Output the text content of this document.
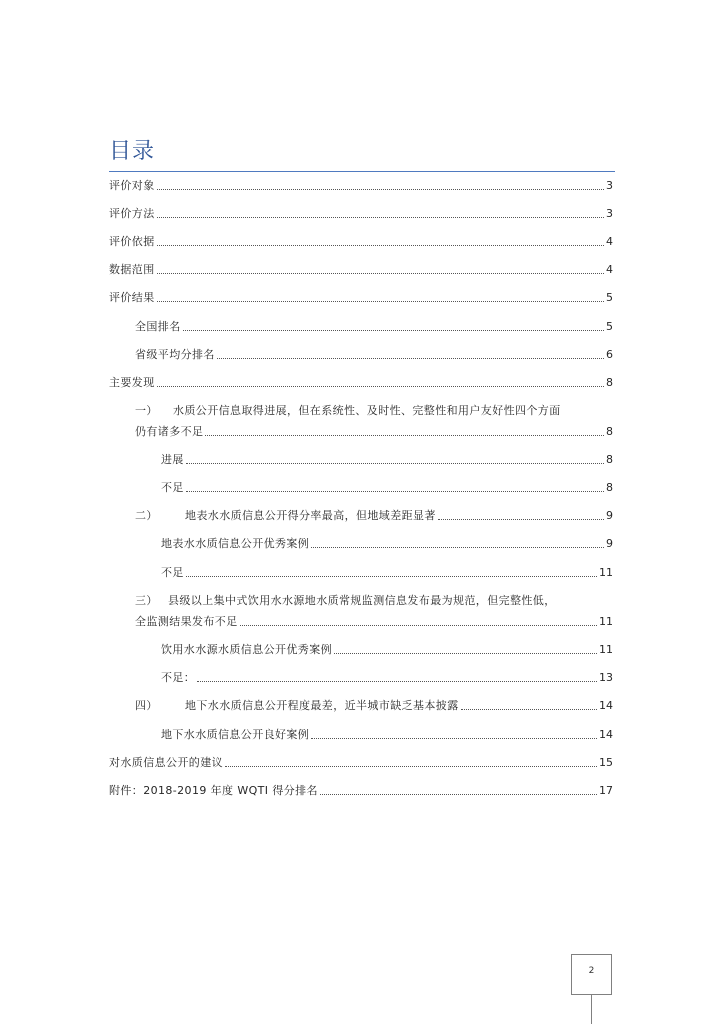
目录
评价对象	3
评价方法	3
评价依据	4
数据范围	4
评价结果	5
全国排名	5
省级平均分排名	6
主要发现	8
一） 水质公开信息取得进展，但在系统性、及时性、完整性和用户友好性四个方面
仍有诸多不足	8
进展	8
不足	8
二） 地表水水质信息公开得分率最高，但地域差距显著	9
地表水水质信息公开优秀案例	9
不足	11
三） 县级以上集中式饮用水水源地水质常规监测信息发布最为规范，但完整性低，
全监测结果发布不足	11
饮用水水源水质信息公开优秀案例	11
不足：	13
四） 地下水水质信息公开程度最差，近半城市缺乏基本披露	14
地下水水质信息公开良好案例	14
对水质信息公开的建议	15
附件：2018-2019 年度 WQTI 得分排名	17
2
